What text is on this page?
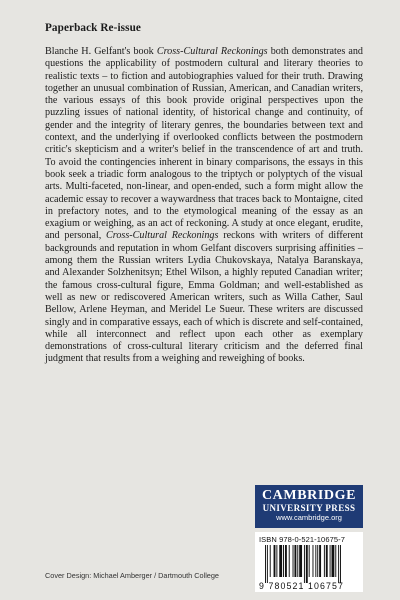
Paperback Re-issue
Blanche H. Gelfant's book Cross-Cultural Reckonings both demonstrates and questions the applicability of postmodern cultural and literary theories to realistic texts – to fiction and autobiographies valued for their truth. Drawing together an unusual combination of Russian, American, and Canadian writers, the various essays of this book provide original perspectives upon the puzzling issues of national identity, of historical change and continuity, of gender and the integrity of literary genres, the boundaries between text and context, and the underlying if overlooked conflicts between the postmodern critic's skepticism and a writer's belief in the transcendence of art and truth. To avoid the contingencies inherent in binary comparisons, the essays in this book seek a triadic form analogous to the triptych or polyptych of the visual arts. Multi-faceted, non-linear, and open-ended, such a form might allow the academic essay to recover a waywardness that traces back to Montaigne, cited in prefactory notes, and to the etymological meaning of the essay as an exagium or weighing, as an act of reckoning. A study at once elegant, erudite, and personal, Cross-Cultural Reckonings reckons with writers of different backgrounds and reputation in whom Gelfant discovers surprising affinities – among them the Russian writers Lydia Chukovskaya, Natalya Baranskaya, and Alexander Solzhenitsyn; Ethel Wilson, a highly reputed Canadian writer; the famous cross-cultural figure, Emma Goldman; and well-established as well as new or rediscovered American writers, such as Willa Cather, Saul Bellow, Arlene Heyman, and Meridel Le Sueur. These writers are discussed singly and in comparative essays, each of which is discrete and self-contained, while all interconnect and reflect upon each other as exemplary demonstrations of cross-cultural literary criticism and the deferred final judgment that results from a weighing and reweighing of books.
CAMBRIDGE
UNIVERSITY PRESS
www.cambridge.org
ISBN 978-0-521-10675-7
9 780521 106757
Cover Design: Michael Amberger / Dartmouth College
